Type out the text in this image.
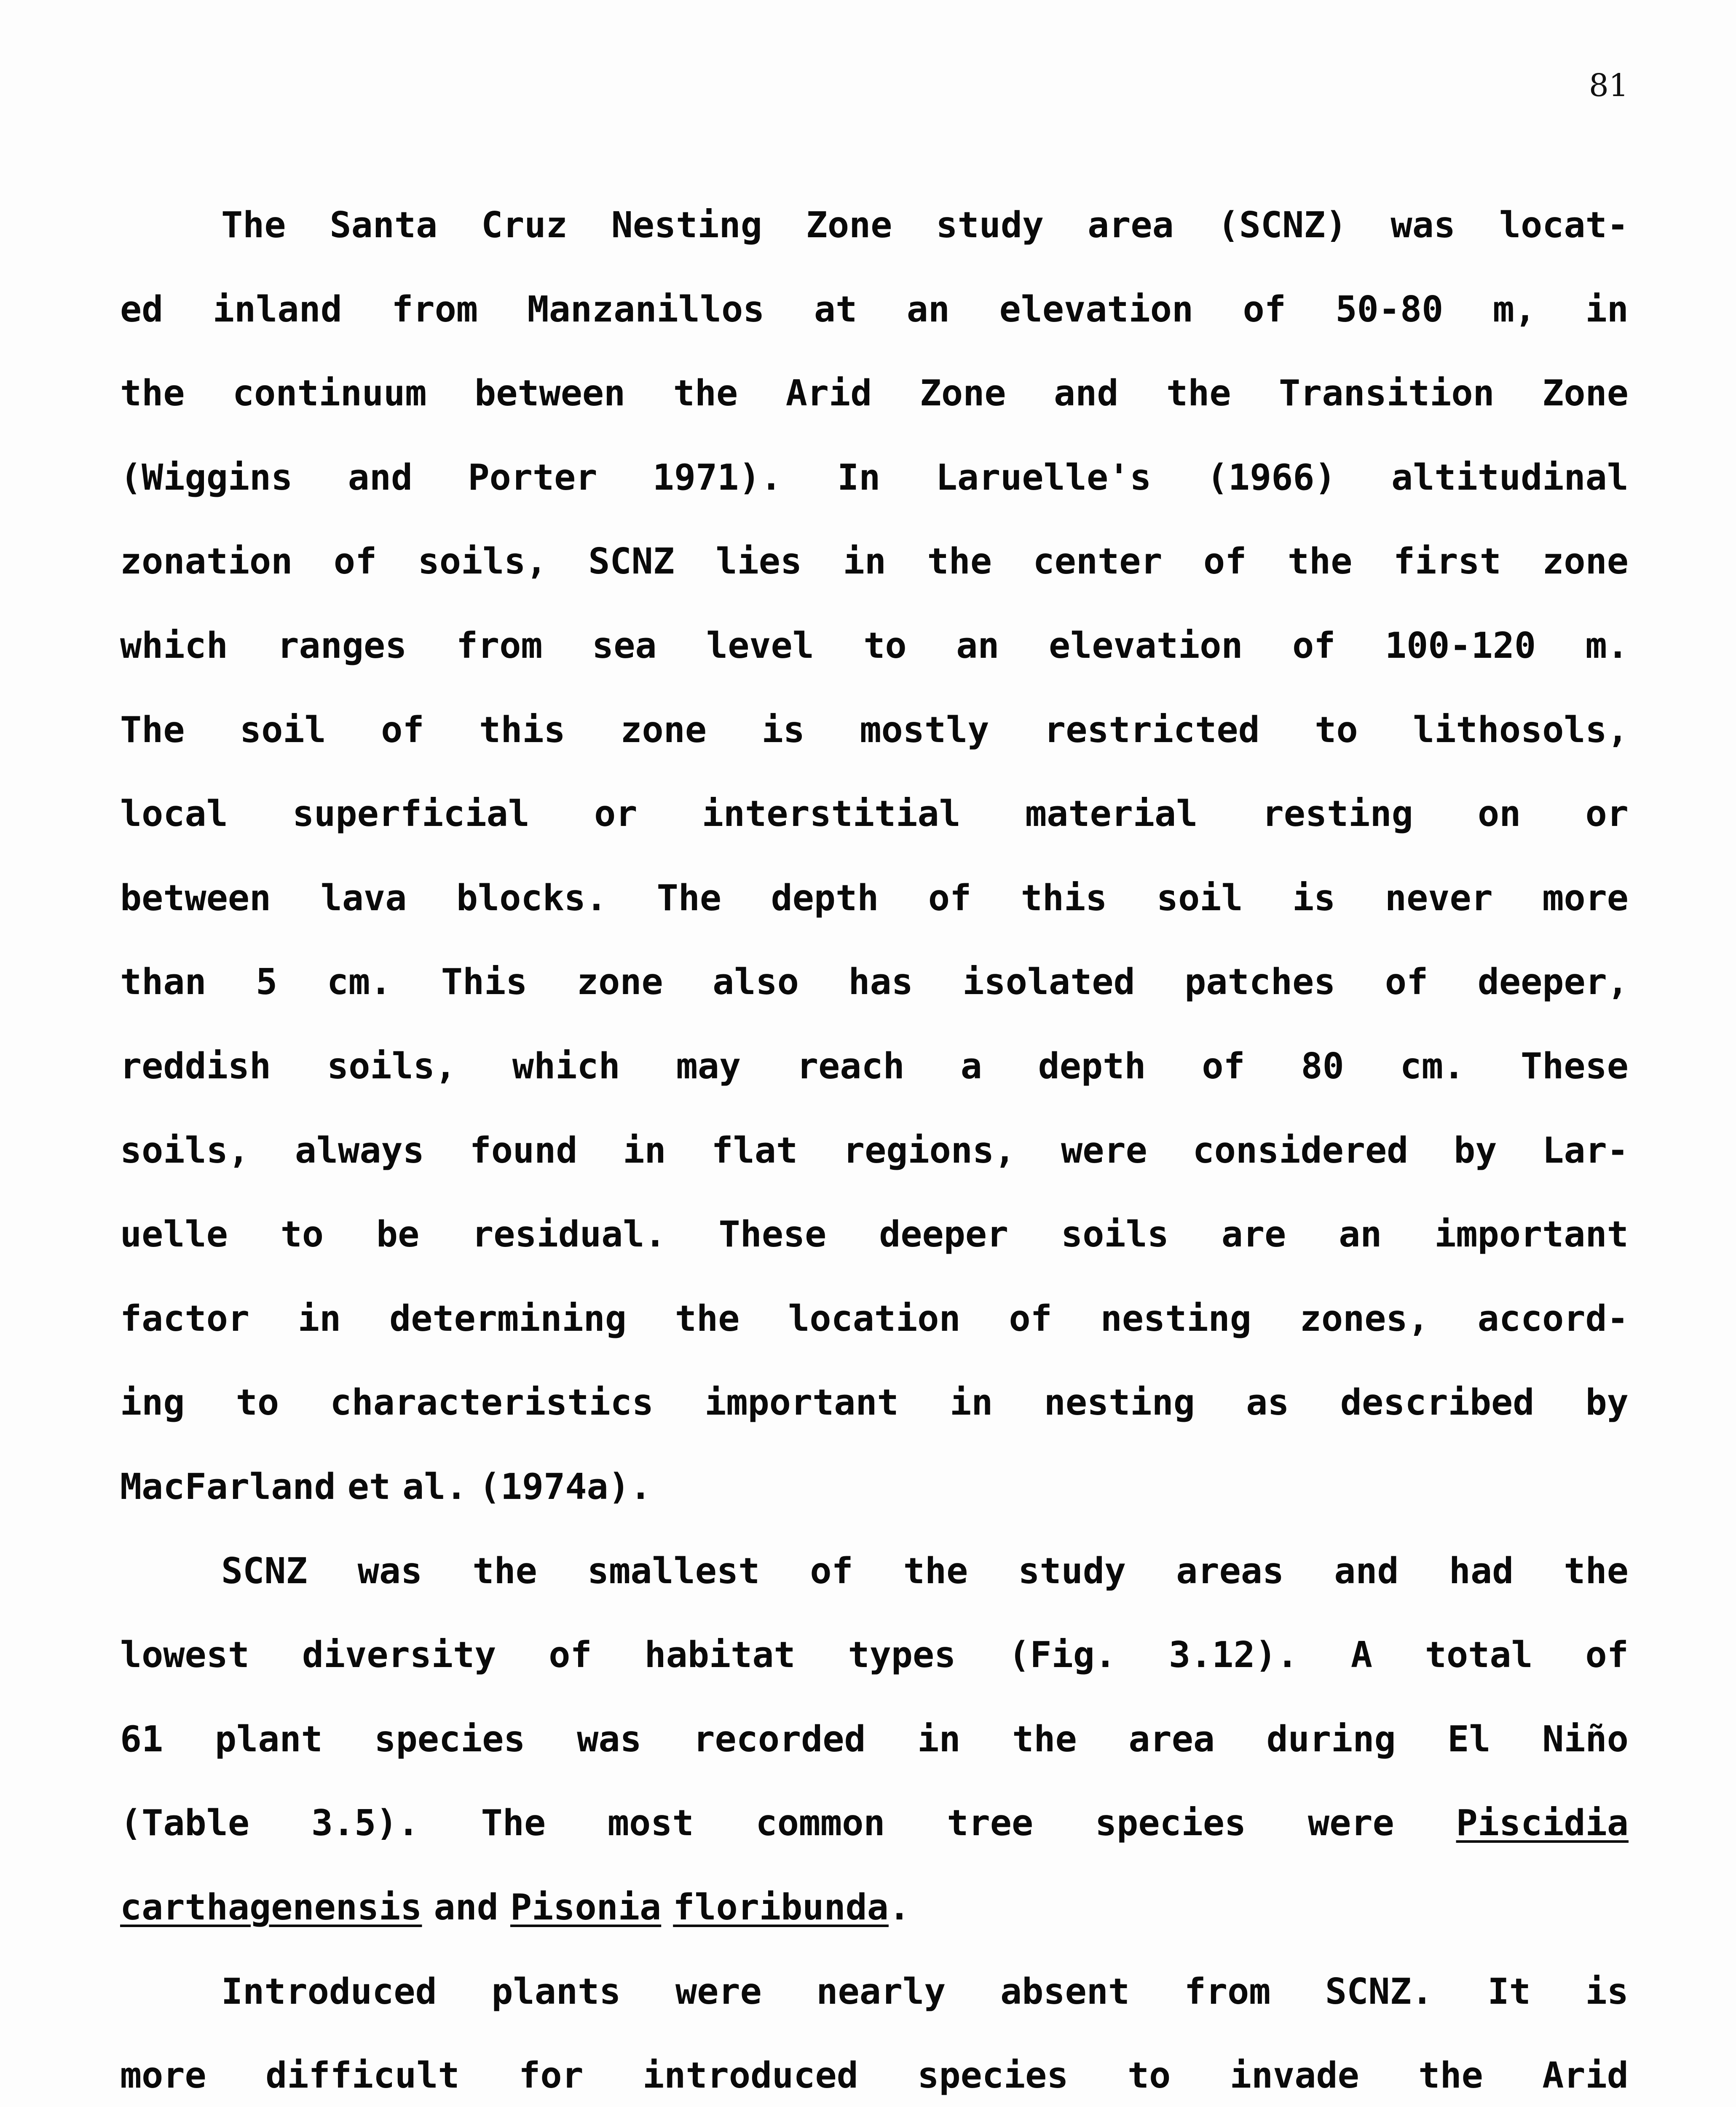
81
The Santa Cruz Nesting Zone study area (SCNZ) was locat-
ed inland from Manzanillos at an elevation of 50-80 m, in
the continuum between the Arid Zone and the Transition Zone
(Wiggins and Porter 1971). In Laruelle's (1966) altitudinal
zonation of soils, SCNZ lies in the center of the first zone
which ranges from sea level to an elevation of 100-120 m.
The soil of this zone is mostly restricted to lithosols,
local superficial or interstitial material resting on or
between lava blocks. The depth of this soil is never more
than 5 cm. This zone also has isolated patches of deeper,
reddish soils, which may reach a depth of 80 cm. These
soils, always found in flat regions, were considered by Lar-
uelle to be residual. These deeper soils are an important
factor in determining the location of nesting zones, accord-
ing to characteristics important in nesting as described by
MacFarland et al. (1974a).
SCNZ was the smallest of the study areas and had the
lowest diversity of habitat types (Fig. 3.12). A total of
61 plant species was recorded in the area during El Niño
(Table 3.5). The most common tree species were Piscidia
carthagenensis and Pisonia floribunda.
Introduced plants were nearly absent from SCNZ. It is
more difficult for introduced species to invade the Arid
